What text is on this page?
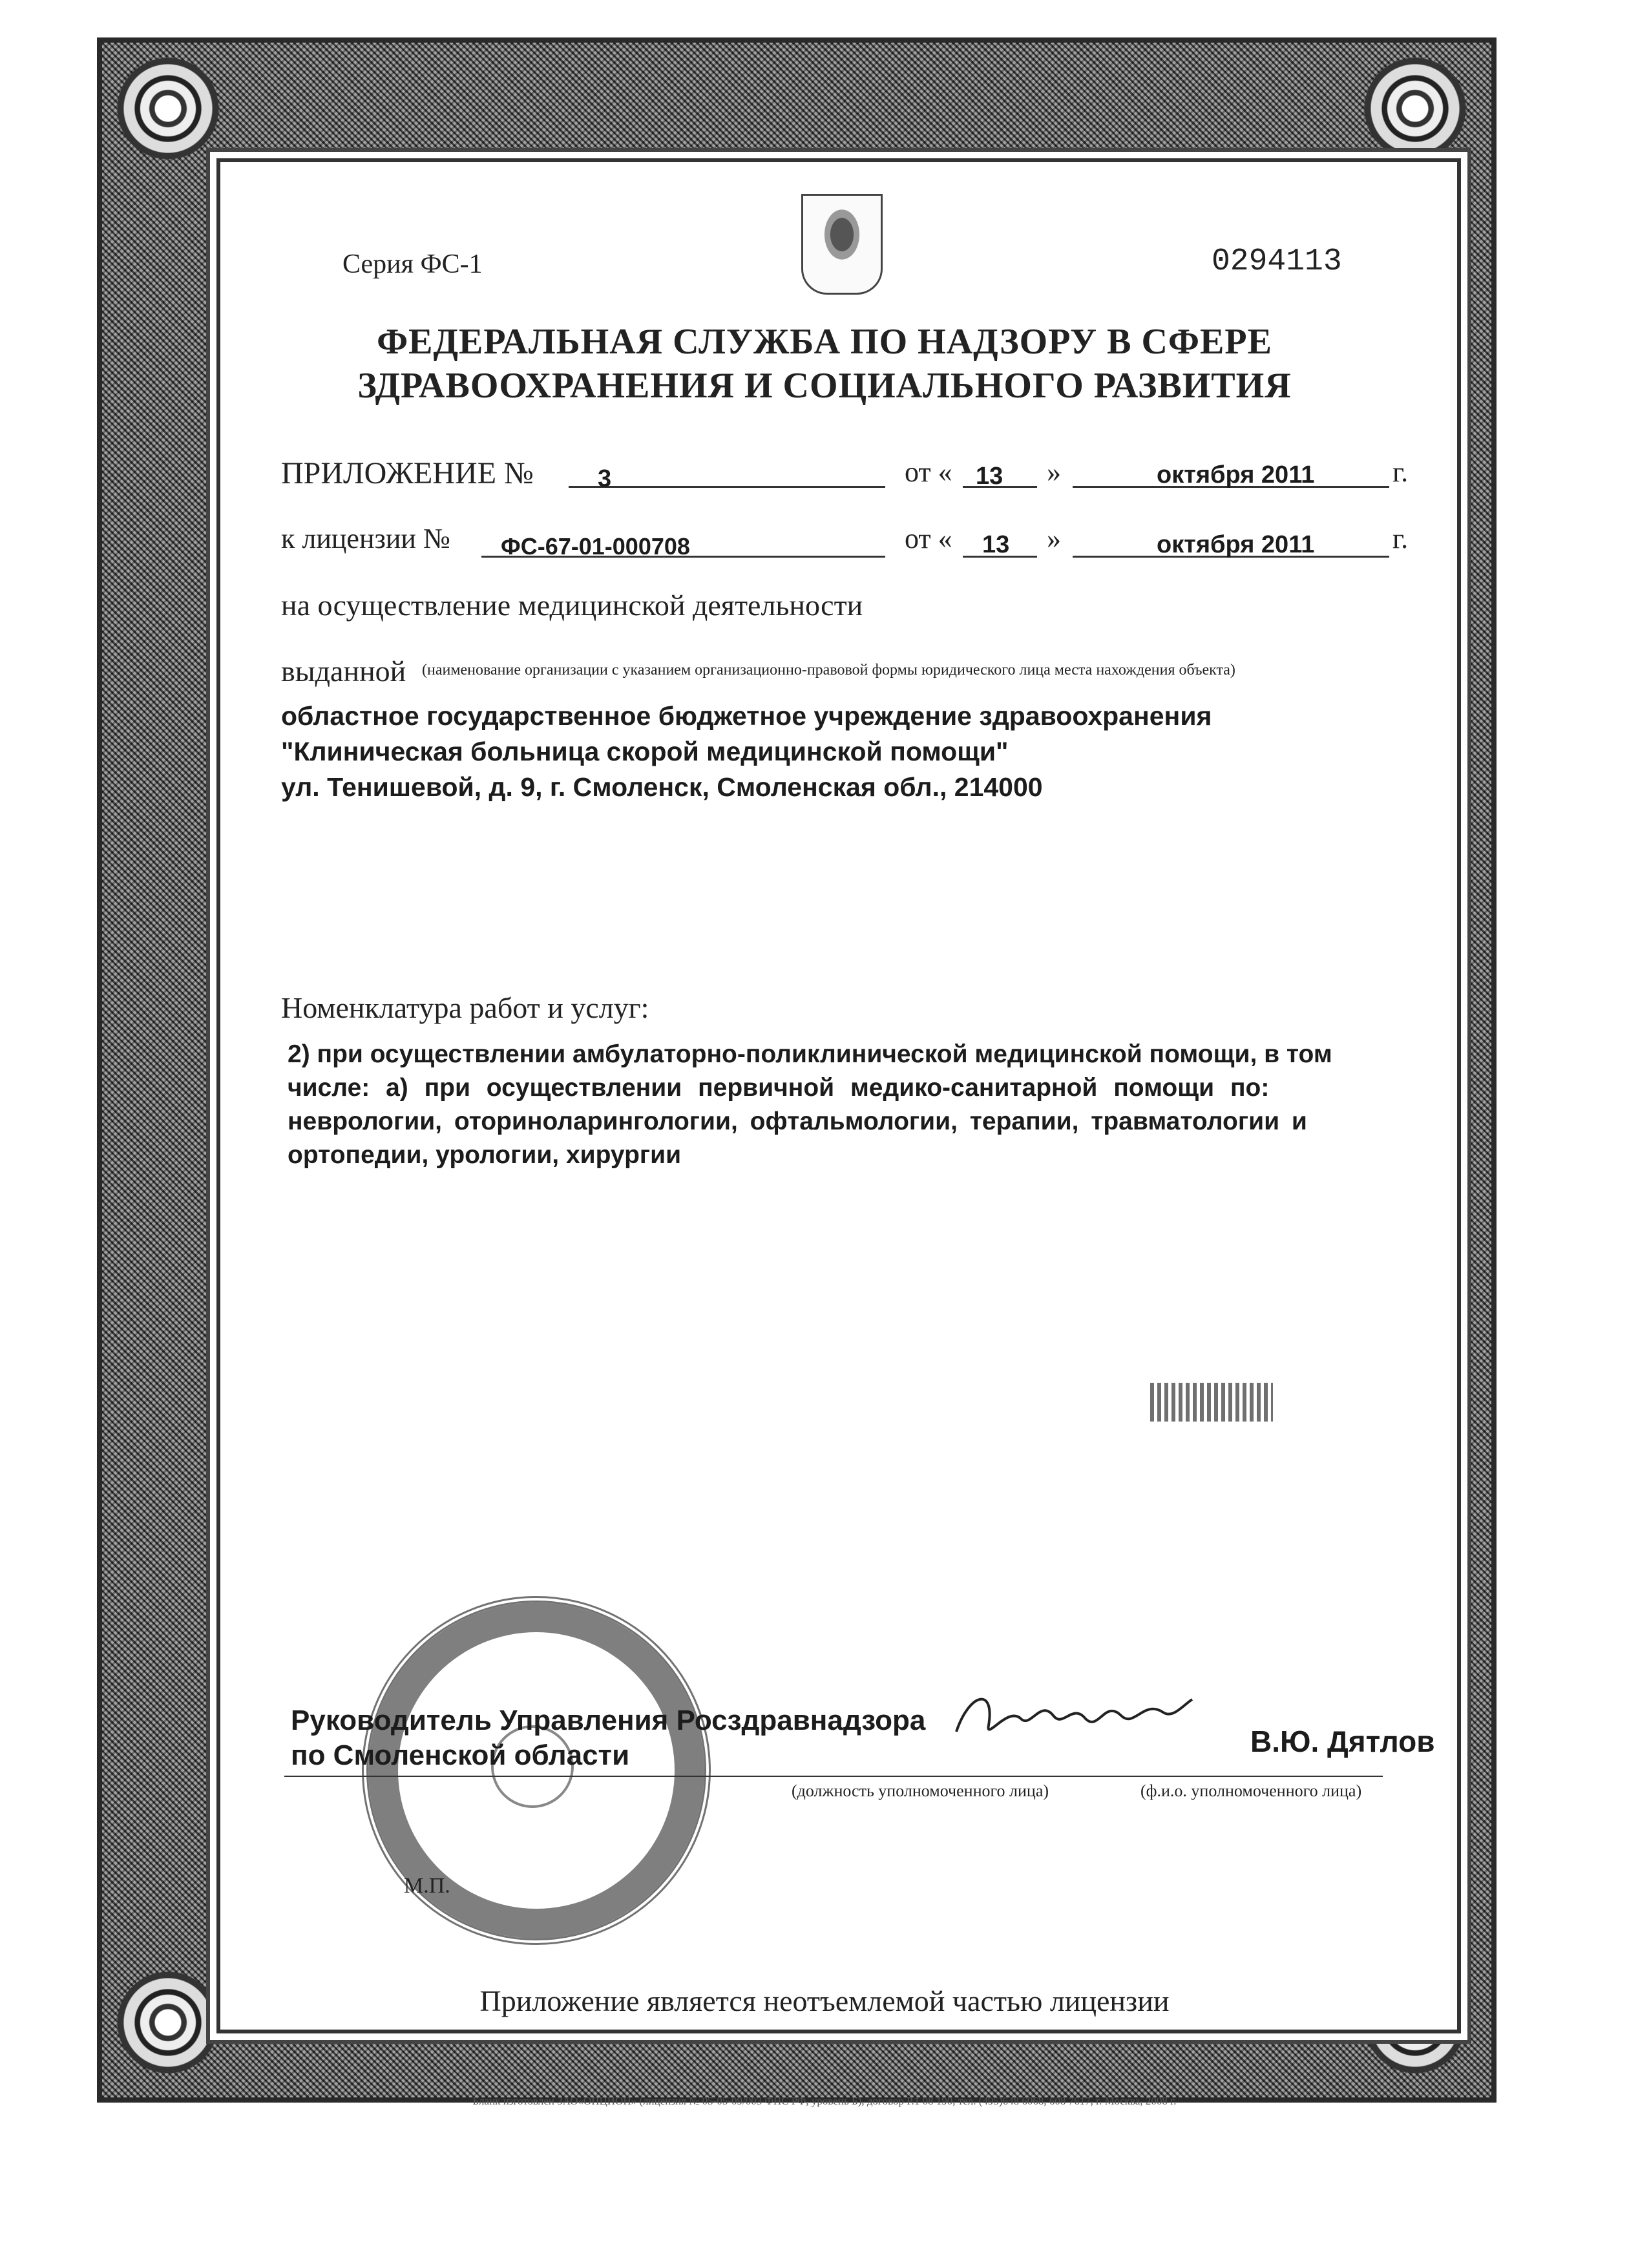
Серия ФС-1	0294113
ФЕДЕРАЛЬНАЯ СЛУЖБА ПО НАДЗОРУ В СФЕРЕ
ЗДРАВООХРАНЕНИЯ И СОЦИАЛЬНОГО РАЗВИТИЯ
ПРИЛОЖЕНИЕ №	3	от « 13 »	октября 2011	г.
к лицензии № ФС-67-01-000708	от « 13 »	октября 2011	г.
на осуществление медицинской деятельности
выданной (наименование организации с указанием организационно-правовой формы юридического лица места нахождения объекта)
областное государственное бюджетное учреждение здравоохранения
"Клиническая больница скорой медицинской помощи"
ул. Тенишевой, д. 9, г. Смоленск, Смоленская обл., 214000
Номенклатура работ и услуг:
2) при осуществлении амбулаторно-поликлинической медицинской помощи, в том
числе: а) при осуществлении первичной медико-санитарной помощи по:
неврологии, оториноларингологии, офтальмологии, терапии, травматологии и
ортопедии, урологии, хирургии
Руководитель Управления Росздравнадзора
по Смоленской области	В.Ю. Дятлов
(должность уполномоченного лица)	(ф.и.о. уполномоченного лица)
М.П.
Приложение является неотъемлемой частью лицензии
Бланк изготовлен ЗАО«ОПЦИОН» (лицензия № 05-05-09/003 ФНС РФ, уровень Б), договор Р.1 08 190, тел. (495)648 6068, 608 7617, г. Москва, 2008 г.
